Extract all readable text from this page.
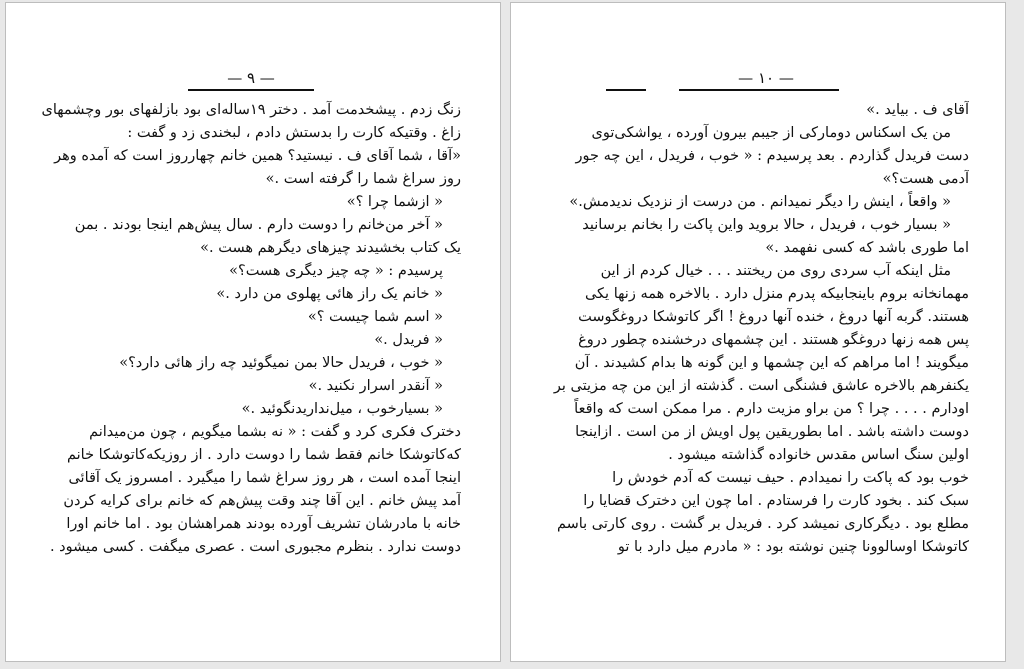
— ٩ —
زنگ زدم . پیشخدمت آمد . دختر ۱۹ساله‌ای بود بازلفهای بور وچشمهای
زاغ . وقتیکه کارت را بدستش دادم ، لبخندی زد و گفت :
«آقا ، شما آقای ف . نیستید؟ همین خانم چهارروز است که آمده وهر
روز سراغ شما را گرفته است .»
« ازشما چرا ؟»
« آخر من‌خانم را دوست دارم . سال پیش‌هم اینجا بودند . بمن
یک کتاب بخشیدند چیزهای دیگرهم هست .»
پرسیدم : « چه چیز دیگری هست؟»
« خانم یک راز هائی پهلوی من دارد .»
« اسم شما چیست ؟»
« فریدل .»
« خوب ، فریدل حالا بمن نمیگوئید چه راز هائی دارد؟»
« آنقدر اسرار نکنید .»
« بسیارخوب ، میل‌ندارید‌نگوئید .»
دخترک فکری کرد و گفت : « نه بشما میگویم ، چون من‌میدانم
که‌کاتوشکا خانم فقط شما را دوست دارد . از روزیکه‌کاتوشکا خانم
اینجا آمده است ، هر روز سراغ شما را میگیرد . امسروز یک آقائی
آمد پیش خانم . این آقا چند وقت پیش‌هم که خانم برای کرایه کردن
خانه با مادرشان تشریف آورده بودند همراهشان بود . اما خانم اورا
دوست ندارد . بنظرم مجبوری است . عصری میگفت . کسی میشود .
— ۱۰ —
آقای ف . بیاید .»
من یک اسکناس دومارکی از جیبم بیرون آورده ، یواشکی‌توی
دست فریدل گذاردم . بعد پرسیدم : « خوب ، فریدل ، این چه جور
آدمی هست؟»
« واقعاً ، اینش را دیگر نمیدانم . من درست از نزدیک ندیدمش.»
« بسیار خوب ، فریدل ، حالا بروید واین پاکت را بخانم برسانید
اما طوری باشد که کسی نفهمد .»
مثل اینکه آب سردی روی من ریختند . . . خیال کردم از این
مهمانخانه بروم باینجابیکه پدرم منزل دارد . بالاخره همه زنها یکی
هستند. گربه آنها دروغ ، خنده آنها دروغ ! اگر کاتوشکا دروغگوست
پس همه زنها دروغگو هستند . این چشمهای درخشنده چطور دروغ
میگویند ! اما مراهم که این چشمها و این گونه ها بدام کشیدند . آن
یکنفرهم بالاخره عاشق فشنگی است . گذشته از این من چه مزیتی بر
اودارم . . . . چرا ؟ من براو مزیت دارم . مرا ممکن است که واقعاً
دوست داشته باشد . اما بطوریقین پول اویش از من است . ازاینجا
اولین سنگ اساس مقدس خانواده گذاشته میشود .
خوب بود که پاکت را نمیدادم . حیف نیست که آدم خودش را
سبک کند . بخود کارت را فرستادم . اما چون این دخترک قضایا را
مطلع بود . دیگرکاری نمیشد کرد . فریدل بر گشت . روی کارتی باسم
کاتوشکا اوسالوونا چنین نوشته بود : « مادرم میل دارد با تو
